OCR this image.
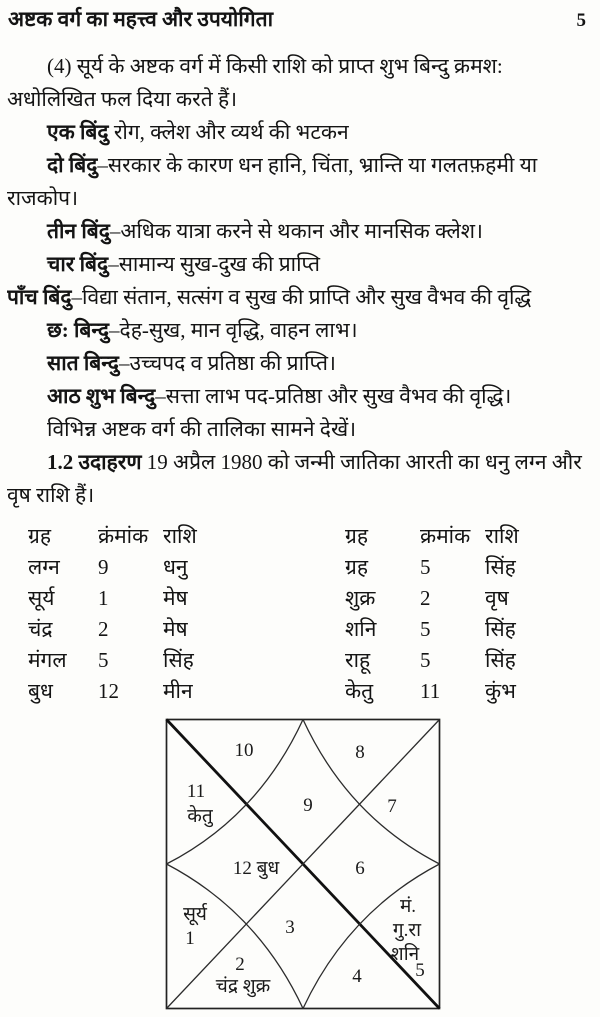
अष्टक वर्ग का महत्त्व और उपयोगिता	5

(4) सूर्य के अष्टक वर्ग में किसी राशि को प्राप्त शुभ बिन्दु क्रमश: अधोलिखित फल दिया करते हैं।

एक बिंदु रोग, क्लेश और व्यर्थ की भटकन

दो बिंदु–सरकार के कारण धन हानि, चिंता, भ्रान्ति या गलतफ़हमी या राजकोप।

तीन बिंदु–अधिक यात्रा करने से थकान और मानसिक क्लेश।

चार बिंदु–सामान्य सुख-दुख की प्राप्ति

पाँच बिंदु–विद्या संतान, सत्संग व सुख की प्राप्ति और सुख वैभव की वृद्धि

छ: बिन्दु–देह-सुख, मान वृद्धि, वाहन लाभ।

सात बिन्दु–उच्चपद व प्रतिष्ठा की प्राप्ति।

आठ शुभ बिन्दु–सत्ता लाभ पद-प्रतिष्ठा और सुख वैभव की वृद्धि।

विभिन्न अष्टक वर्ग की तालिका सामने देखें।

1.2 उदाहरण 19 अप्रैल 1980 को जन्मी जातिका आरती का धनु लग्न और वृष राशि हैं।

ग्रह	क्रंमांक	राशि
लग्न	9	धनु
सूर्य	1	मेष
चंद्र	2	मेष
मंगल	5	सिंह
बुध	12	मीन
ग्रह	क्रमांक	राशि
ग्रह	5	सिंह
शुक्र	2	वृष
शनि	5	सिंह
राहू	5	सिंह
केतु	11	कुंभ
10	8
11
केतु
9	7
12 बुध	6
सूर्य
1
3
मं.
गु.रा
शनि
5
2
चंद्र शुक्र	4
